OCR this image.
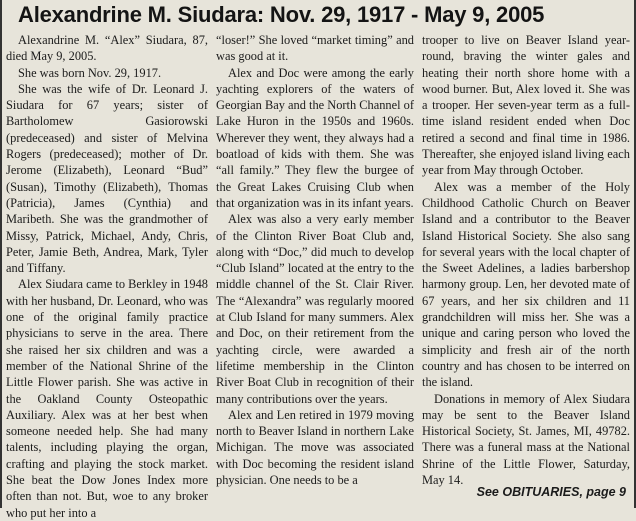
Alexandrine M. Siudara: Nov. 29, 1917 - May 9, 2005

Alexandrine M. “Alex” Siudara, 87, died May 9, 2005.

She was born Nov. 29, 1917.

She was the wife of Dr. Leonard J. Siudara for 67 years; sister of Bartholomew Gasiorowski (predeceased) and sister of Melvina Rogers (predeceased); mother of Dr. Jerome (Elizabeth), Leonard “Bud” (Susan), Timothy (Elizabeth), Thomas (Patricia), James (Cynthia) and Maribeth. She was the grandmother of Missy, Patrick, Michael, Andy, Chris, Peter, Jamie Beth, Andrea, Mark, Tyler and Tiffany.

Alex Siudara came to Berkley in 1948 with her husband, Dr. Leonard, who was one of the original family practice physicians to serve in the area. There she raised her six children and was a member of the National Shrine of the Little Flower parish. She was active in the Oakland County Osteopathic Auxiliary. Alex was at her best when someone needed help. She had many talents, including playing the organ, crafting and playing the stock market. She beat the Dow Jones Index more often than not. But, woe to any broker who put her into a

“loser!” She loved “market timing” and was good at it.

Alex and Doc were among the early yachting explorers of the waters of Georgian Bay and the North Channel of Lake Huron in the 1950s and 1960s. Wherever they went, they always had a boatload of kids with them. She was “all family.” They flew the burgee of the Great Lakes Cruising Club when that organization was in its infant years.

Alex was also a very early member of the Clinton River Boat Club and, along with “Doc,” did much to develop “Club Island” located at the entry to the middle channel of the St. Clair River. The “Alexandra” was regularly moored at Club Island for many summers. Alex and Doc, on their retirement from the yachting circle, were awarded a lifetime membership in the Clinton River Boat Club in recognition of their many contributions over the years.

Alex and Len retired in 1979 moving north to Beaver Island in northern Lake Michigan. The move was associated with Doc becoming the resident island physician. One needs to be a

trooper to live on Beaver Island year-round, braving the winter gales and heating their north shore home with a wood burner. But, Alex loved it. She was a trooper. Her seven-year term as a full-time island resident ended when Doc retired a second and final time in 1986. Thereafter, she enjoyed island living each year from May through October.

Alex was a member of the Holy Childhood Catholic Church on Beaver Island and a contributor to the Beaver Island Historical Society. She also sang for several years with the local chapter of the Sweet Adelines, a ladies barbershop harmony group. Len, her devoted mate of 67 years, and her six children and 11 grandchildren will miss her. She was a unique and caring person who loved the simplicity and fresh air of the north country and has chosen to be interred on the island.

Donations in memory of Alex Siudara may be sent to the Beaver Island Historical Society, St. James, MI, 49782. There was a funeral mass at the National Shrine of the Little Flower, Saturday, May 14.

See OBITUARIES, page 9
